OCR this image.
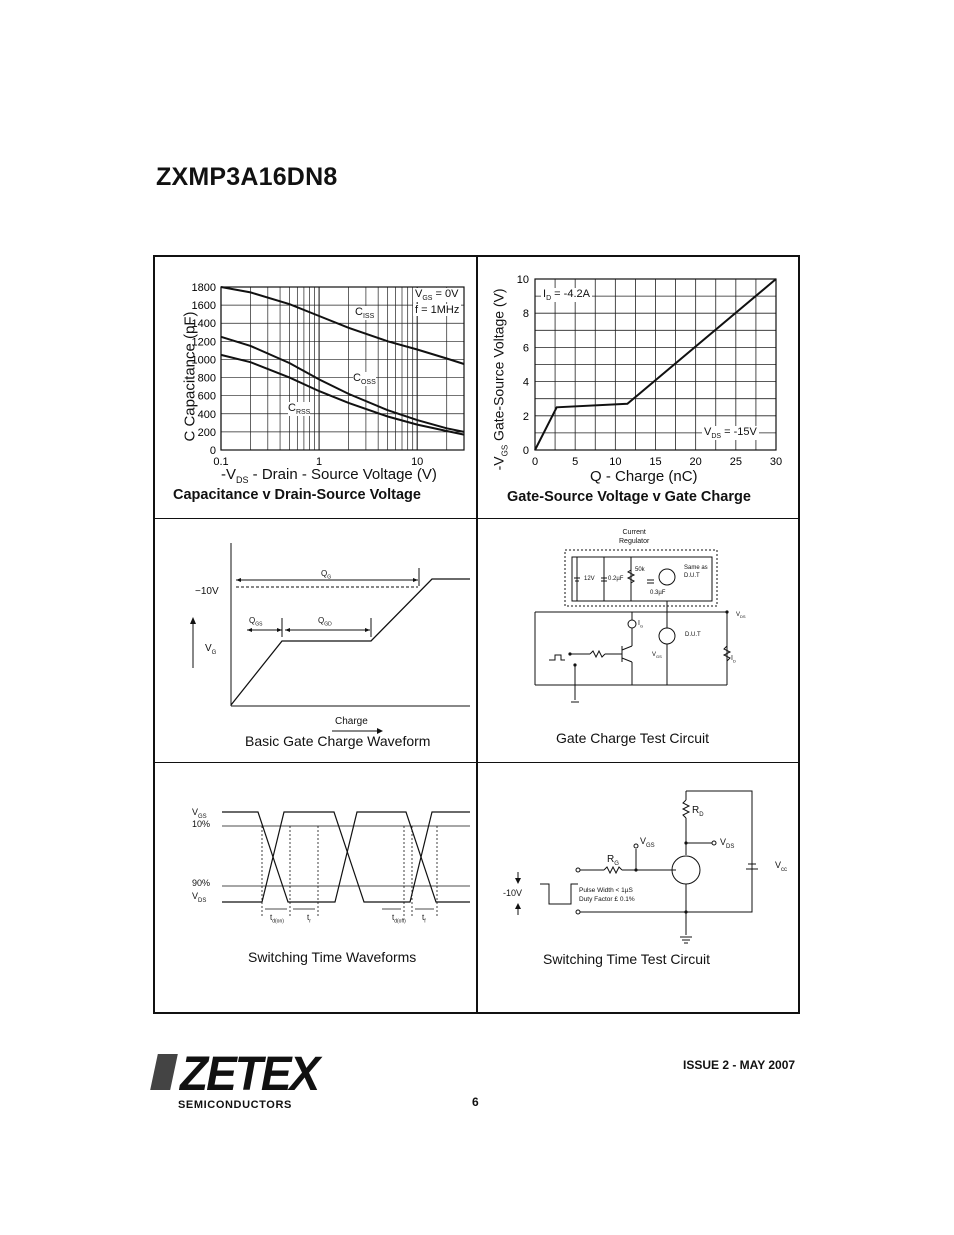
ZXMP3A16DN8
0
200
400
600
800
1000
1200
1400
1600
1800
0.1	1	10
$-V_{DS}$ - Drain - Source Voltage (V)
C Capacitance (pF)
Capacitance v Drain-Source Voltage
$V_{GS} = 0V$
f = 1MHz
$C_{ISS}$
$C_{OSS}$
$C_{RSS}$
0
2
4
6
8
10
0	5	10	15	20	25	30
Q - Charge (nC)
$-V_{GS}$ Gate-Source Voltage (V)
Gate-Source Voltage v Gate Charge
$I_D = -4.2A$
$V_{DS} = -15V$
$Q_G$
$Q_{GS}$	$Q_{GD}$
−10V
$V_G$
Charge
Basic Gate Charge Waveform
Current
Regulator
12V 0.2µF
50k
0.3µF
Same as
D.U.T
D.U.T
$V_{DS}$
$I_G$
$V_{GS}$	$I_D$
Gate Charge Test Circuit
$V_{GS}$
10%
90%
$V_{DS}$
$t_{d(on)}$	$t_r$	$t_{d(off)}$ $t_f$
Switching Time Waveforms
$R_D$
$V_{GS}$	$V_{DS}$
$R_G$	$V_{cc}$
-10V	Pulse Width < 1µS
Duty Factor £ 0.1%
Switching Time Test Circuit
ZETEX
SEMICONDUCTORS
ISSUE 2 - MAY 2007
6
